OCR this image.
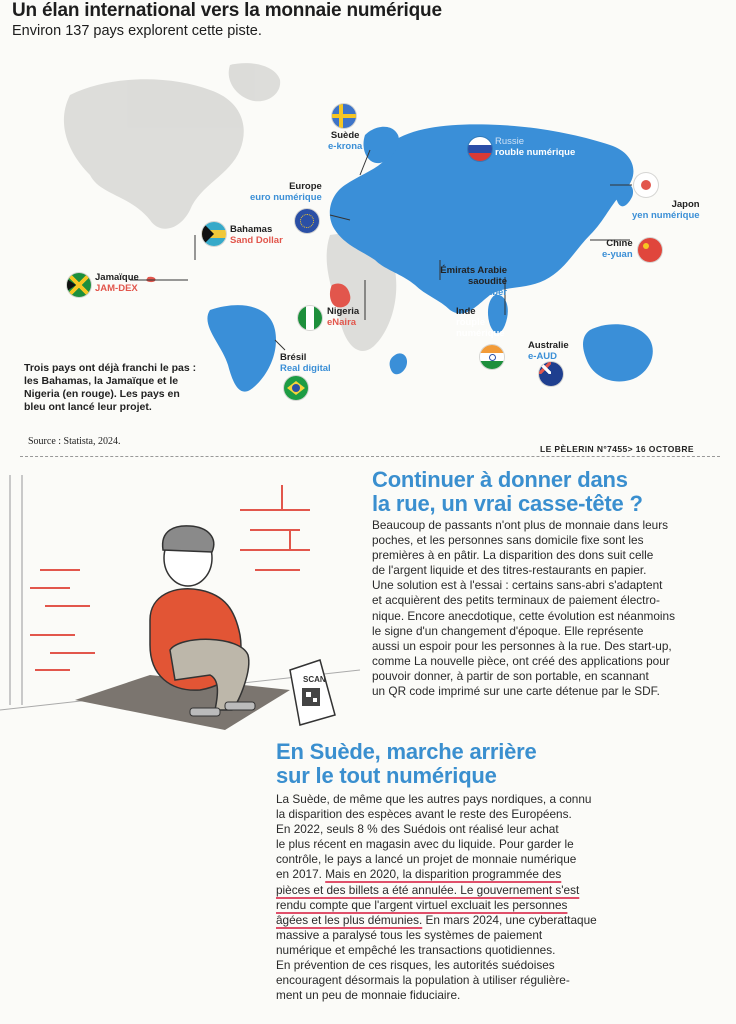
Un élan international vers la monnaie numérique
Environ 137 pays explorent cette piste.
Suède
e-krona	Russie
rouble numérique
Japon
yen numérique
Europe
euro numérique
Chine
e-yuan
Bahamas
Sand Dollar
Émirats Arabie saoudite
Aber
Jamaïque
JAM-DEX
Nigeria
eNaira
Inde
roupie numérique
Australie
e-AUD
Brésil
Real digital
Trois pays ont déjà franchi le pas : les Bahamas, la Jamaïque et le Nigeria (en rouge). Les pays en bleu ont lancé leur projet.
Source : Statista, 2024.
LE PÈLERIN N°7455> 16 OCTOBRE
SCAN
Continuer à donner dans
la rue, un vrai casse-tête ?
Beaucoup de passants n'ont plus de monnaie dans leurs
poches, et les personnes sans domicile fixe sont les
premières à en pâtir. La disparition des dons suit celle
de l'argent liquide et des titres-restaurants en papier.
Une solution est à l'essai : certains sans-abri s'adaptent
et acquièrent des petits terminaux de paiement électro-
nique. Encore anecdotique, cette évolution est néanmoins
le signe d'un changement d'époque. Elle représente
aussi un espoir pour les personnes à la rue. Des start-up,
comme La nouvelle pièce, ont créé des applications pour
pouvoir donner, à partir de son portable, en scannant
un QR code imprimé sur une carte détenue par le SDF.
En Suède, marche arrière
sur le tout numérique
La Suède, de même que les autres pays nordiques, a connu
la disparition des espèces avant le reste des Européens.
En 2022, seuls 8 % des Suédois ont réalisé leur achat
le plus récent en magasin avec du liquide. Pour garder le
contrôle, le pays a lancé un projet de monnaie numérique
en 2017. Mais en 2020, la disparition programmée des
pièces et des billets a été annulée. Le gouvernement s'est
rendu compte que l'argent virtuel excluait les personnes
âgées et les plus démunies. En mars 2024, une cyberattaque
massive a paralysé tous les systèmes de paiement
numérique et empêché les transactions quotidiennes.
En prévention de ces risques, les autorités suédoises
encouragent désormais la population à utiliser régulière-
ment un peu de monnaie fiduciaire.
